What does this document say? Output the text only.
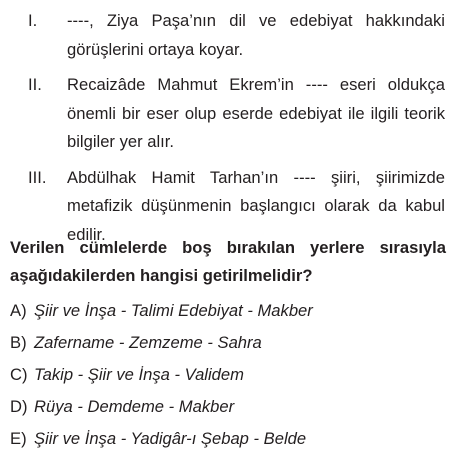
I.	----, Ziya Paşa’nın dil ve edebiyat hakkındaki görüşlerini ortaya koyar.
II.	Recaizâde Mahmut Ekrem’in ---- eseri oldukça önemli bir eser olup eserde edebiyat ile ilgili teorik bilgiler yer alır.
III.	Abdülhak Hamit Tarhan’ın ---- şiiri, şiirimizde metafizik düşünmenin başlangıcı olarak da kabul edilir.
Verilen cümlelerde boş bırakılan yerlere sırasıyla aşağıdakilerden hangisi getirilmelidir?
A) Şiir ve İnşa - Talimi Edebiyat - Makber
B) Zafername - Zemzeme - Sahra
C) Takip - Şiir ve İnşa - Validem
D) Rüya - Demdeme - Makber
E) Şiir ve İnşa - Yadigâr-ı Şebap - Belde
